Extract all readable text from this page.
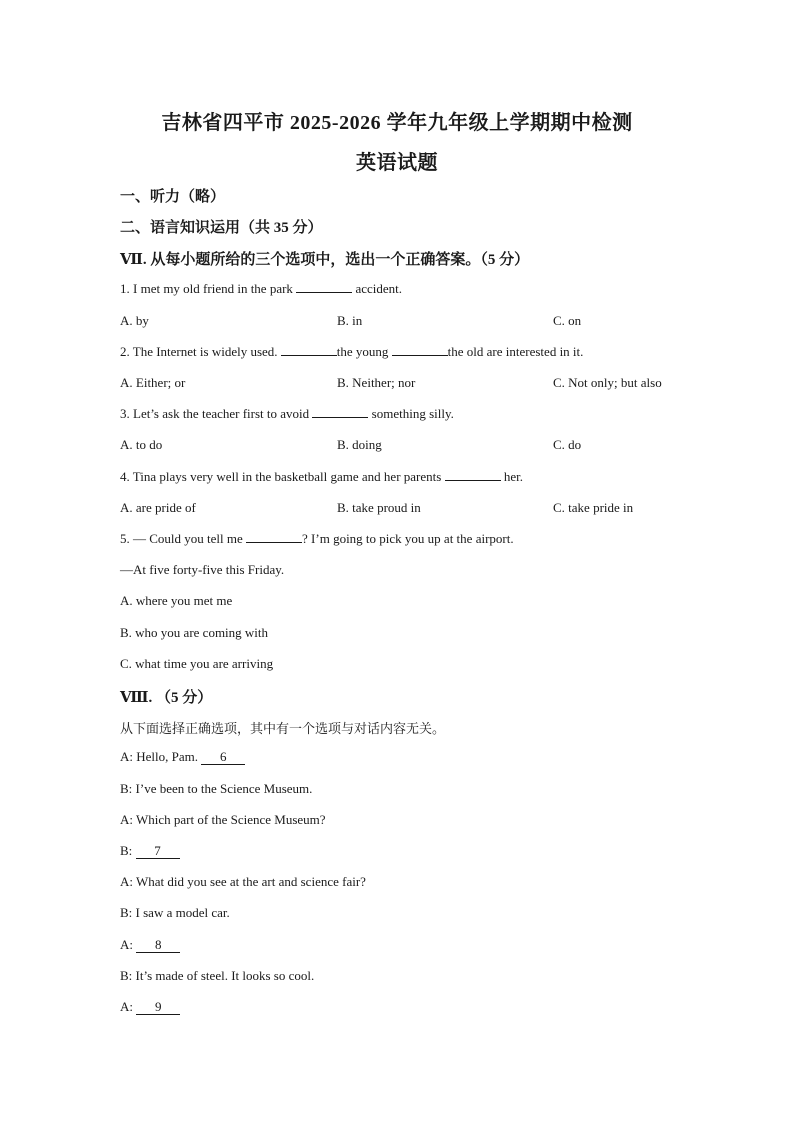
吉林省四平市 2025-2026 学年九年级上学期期中检测
英语试题
一、听力（略）
二、语言知识运用（共 35 分）
Ⅶ. 从每小题所给的三个选项中，选出一个正确答案。（5 分）
1. I met my old friend in the park	accident.
A. by	B. in	C. on
2. The Internet is widely used.	the young	the old are interested in it.
A. Either; or	B. Neither; nor	C. Not only; but also
3. Let’s ask the teacher first to avoid	something silly.
A. to do	B. doing	C. do
4. Tina plays very well in the basketball game and her parents	her.
A. are pride of	B. take proud in	C. take pride in
5. — Could you tell me	? I’m going to pick you up at the airport.
—At five forty-five this Friday.
A. where you met me
B. who you are coming with
C. what time you are arriving
Ⅷ. （5 分）
从下面选择正确选项，其中有一个选项与对话内容无关。
A: Hello, Pam. 6
B: I’ve been to the Science Museum.
A: Which part of the Science Museum?
B: 7
A: What did you see at the art and science fair?
B: I saw a model car.
A: 8
B: It’s made of steel. It looks so cool.
A: 9
